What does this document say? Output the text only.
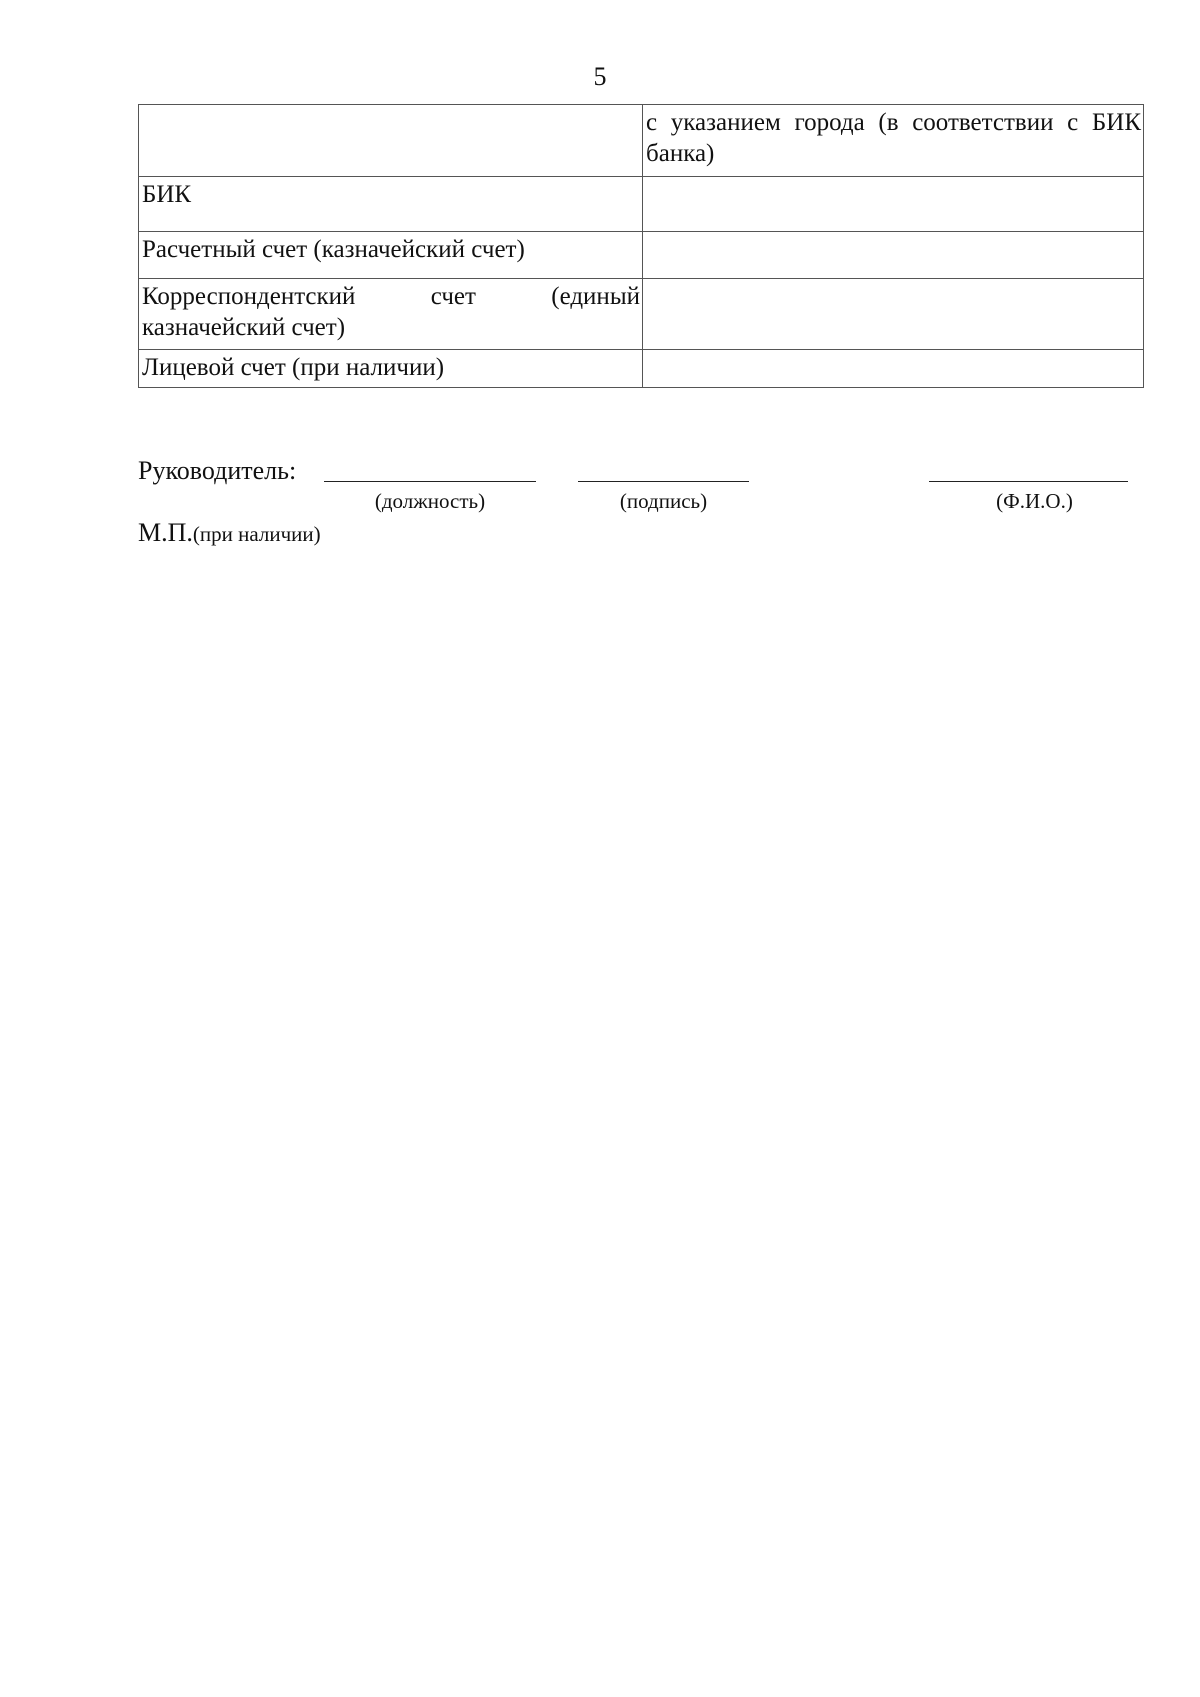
5
	с указанием города (в соответствии с БИК банка)
БИК	
Расчетный счет (казначейский счет)	
Корреспондентский счет (единый казначейский счет)	
Лицевой счет (при наличии)	
Руководитель:
(должность)	(подпись)	(Ф.И.О.)
М.П.(при наличии)
